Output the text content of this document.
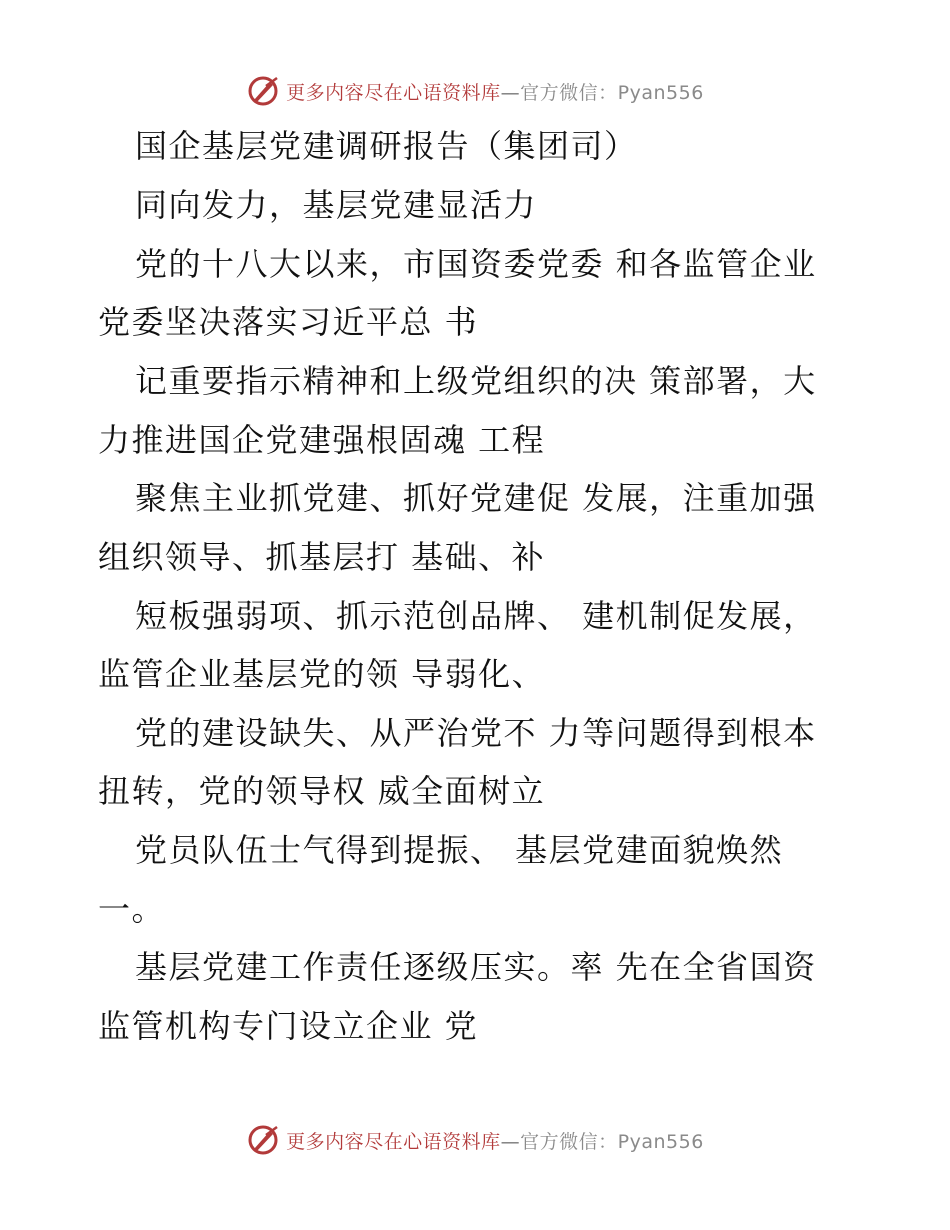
更多内容尽在心语资料库—官方微信：Pyan556
国企基层党建调研报告（集团司）
同向发力，基层党建显活力
党的十八大以来，市国资委党委 和各监管企业
党委坚决落实习近平总 书
记重要指示精神和上级党组织的决 策部署，大
力推进国企党建强根固魂 工程
聚焦主业抓党建、抓好党建促 发展，注重加强
组织领导、抓基层打 基础、补
短板强弱项、抓示范创品牌、 建机制促发展，
监管企业基层党的领 导弱化、
党的建设缺失、从严治党不 力等问题得到根本
扭转，党的领导权 威全面树立
党员队伍士气得到提振、 基层党建面貌焕然
一。
基层党建工作责任逐级压实。率 先在全省国资
监管机构专门设立企业 党
更多内容尽在心语资料库—官方微信：Pyan556
